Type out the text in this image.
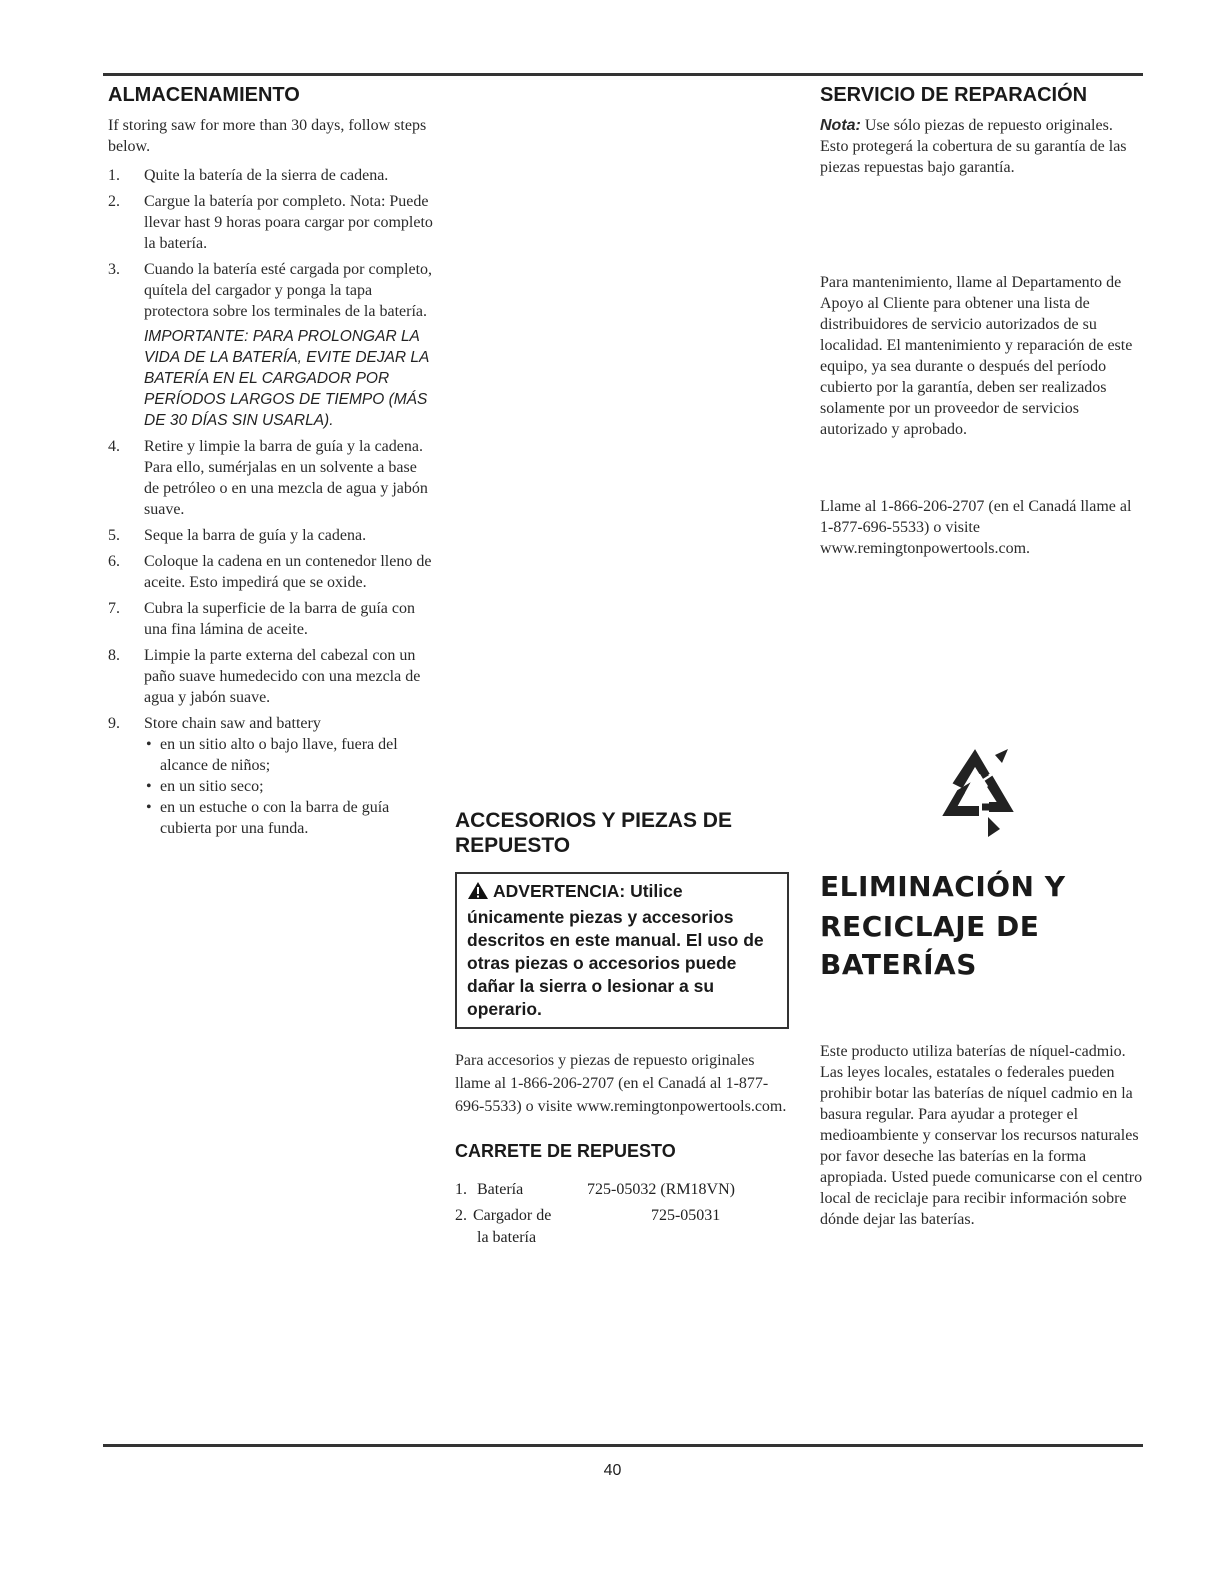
ALMACENAMIENTO

If storing saw for more than 30 days, follow steps below.

1. Quite la batería de la sierra de cadena.
2. Cargue la batería por completo. Nota: Puede llevar hast 9 horas poara cargar por completo la batería.
3. Cuando la batería esté cargada por completo, quítela del cargador y ponga la tapa protectora sobre los terminales de la batería.
IMPORTANTE: PARA PROLONGAR LA VIDA DE LA BATERÍA, EVITE DEJAR LA BATERÍA EN EL CARGADOR POR PERÍODOS LARGOS DE TIEMPO (MÁS DE 30 DÍAS SIN USARLA).
4. Retire y limpie la barra de guía y la cadena. Para ello, sumérjalas en un solvente a base de petróleo o en una mezcla de agua y jabón suave.
5. Seque la barra de guía y la cadena.
6. Coloque la cadena en un contenedor lleno de aceite. Esto impedirá que se oxide.
7. Cubra la superficie de la barra de guía con una fina lámina de aceite.
8. Limpie la parte externa del cabezal con un paño suave humedecido con una mezcla de agua y jabón suave.
9. Store chain saw and battery
• en un sitio alto o bajo llave, fuera del alcance de niños;
• en un sitio seco;
• en un estuche o con la barra de guía cubierta por una funda.	ACCESORIOS Y PIEZAS DE REPUESTO
ADVERTENCIA: Utilice únicamente piezas y accesorios descritos en este manual. El uso de otras piezas o accesorios puede dañar la sierra o lesionar a su operario.

Para accesorios y piezas de repuesto originales llame al 1-866-206-2707 (en el Canadá al 1-877-696-5533) o visite www.remingtonpowertools.com.

CARRETE DE REPUESTO
1. Batería	725-05032 (RM18VN)
2. Cargador de	725-05031
la batería
SERVICIO DE REPARACIÓN

Nota: Use sólo piezas de repuesto originales. Esto protegerá la cobertura de su garantía de las piezas repuestas bajo garantía.

Para mantenimiento, llame al Departamento de Apoyo al Cliente para obtener una lista de distribuidores de servicio autorizados de su localidad. El mantenimiento y reparación de este equipo, ya sea durante o después del período cubierto por la garantía, deben ser realizados solamente por un proveedor de servicios autorizado y aprobado.

Llame al 1-866-206-2707 (en el Canadá llame al 1-877-696-5533) o visite www.remingtonpowertools.com.

ELIMINACIÓN Y
RECICLAJE DE BATERÍAS

Este producto utiliza baterías de níquel-cadmio. Las leyes locales, estatales o federales pueden prohibir botar las baterías de níquel cadmio en la basura regular. Para ayudar a proteger el medioambiente y conservar los recursos naturales por favor deseche las baterías en la forma apropiada. Usted puede comunicarse con el centro local de reciclaje para recibir información sobre dónde dejar las baterías.

40
